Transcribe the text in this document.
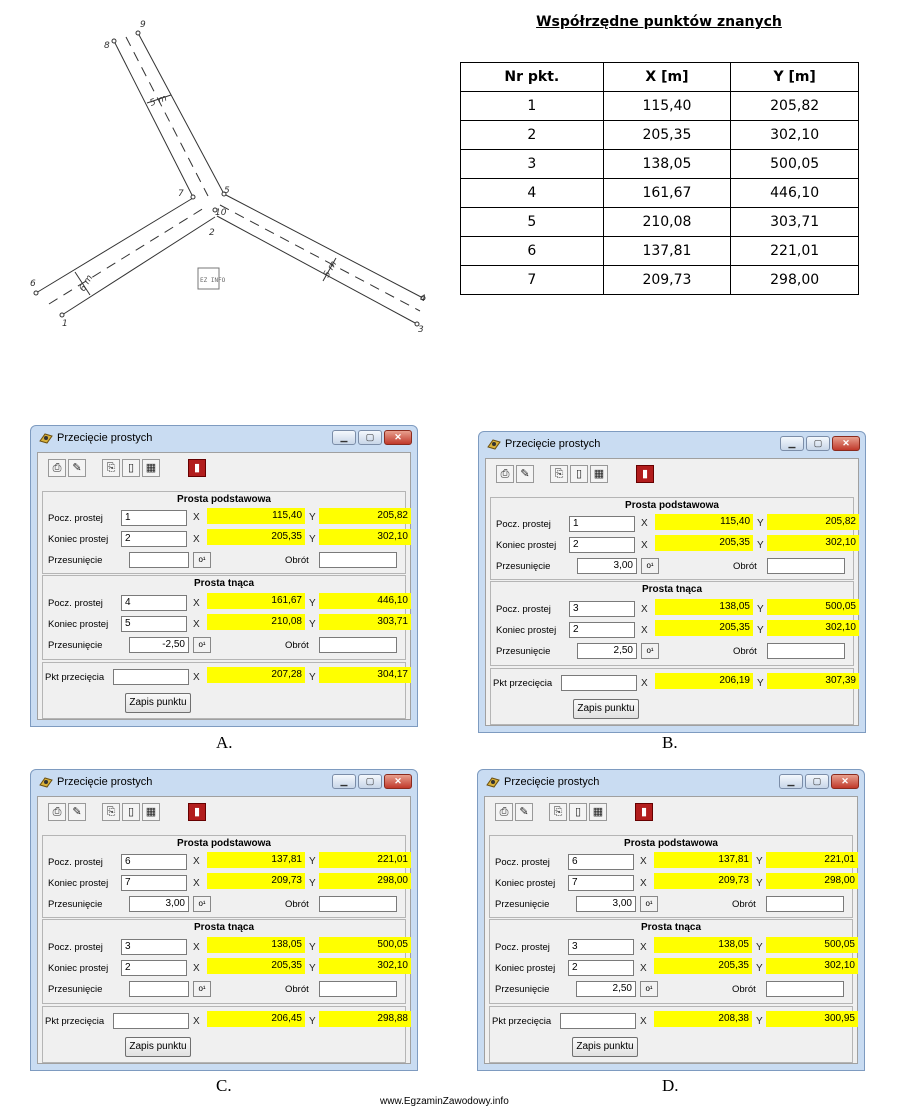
1
2
3
4
5
6
7
8
9
10
5 m
6 m
5 m
EZ INFO
Współrzędne punktów znanych
Nr pkt.	X [m]	Y [m]
1	115,40	205,82
2	205,35	302,10
3	138,05	500,05
4	161,67	446,10
5	210,08	303,71
6	137,81	221,01
7	209,73	298,00
Przecięcie prostych	▁	▢	✕
⎙ ✎	⎘	▯	▦	▮
Prosta podstawowa
Pocz. prostej	1	X	115,40 Y	205,82
Koniec prostej	2	X	205,35 Y	302,10
Przesunięcie	o¹	Obrót
Prosta tnąca
Pocz. prostej	4	X	161,67 Y	446,10
Koniec prostej	5	X	210,08 Y	303,71
Przesunięcie	-2,50	o¹	Obrót
Pkt przecięcia	X	207,28 Y	304,17
Zapis punktu
A.
Przecięcie prostych	▁	▢	✕
⎙ ✎	⎘	▯	▦	▮
Prosta podstawowa
Pocz. prostej	1	X	115,40 Y	205,82
Koniec prostej	2	X	205,35 Y	302,10
Przesunięcie	3,00	o¹	Obrót
Prosta tnąca
Pocz. prostej	3	X	138,05 Y	500,05
Koniec prostej	2	X	205,35 Y	302,10
Przesunięcie	2,50	o¹	Obrót
Pkt przecięcia	X	206,19 Y	307,39
Zapis punktu
B.
Przecięcie prostych	▁	▢	✕
⎙ ✎	⎘	▯	▦	▮
Prosta podstawowa
Pocz. prostej	6	X	137,81 Y	221,01
Koniec prostej	7	X	209,73 Y	298,00
Przesunięcie	3,00	o¹	Obrót
Prosta tnąca
Pocz. prostej	3	X	138,05 Y	500,05
Koniec prostej	2	X	205,35 Y	302,10
Przesunięcie	o¹	Obrót
Pkt przecięcia	X	206,45 Y	298,88
Zapis punktu
C.
Przecięcie prostych	▁	▢	✕
⎙ ✎	⎘	▯	▦	▮
Prosta podstawowa
Pocz. prostej	6	X	137,81 Y	221,01
Koniec prostej	7	X	209,73 Y	298,00
Przesunięcie	3,00	o¹	Obrót
Prosta tnąca
Pocz. prostej	3	X	138,05 Y	500,05
Koniec prostej	2	X	205,35 Y	302,10
Przesunięcie	2,50	o¹	Obrót
Pkt przecięcia	X	208,38 Y	300,95
Zapis punktu
D.
www.EgzaminZawodowy.info
